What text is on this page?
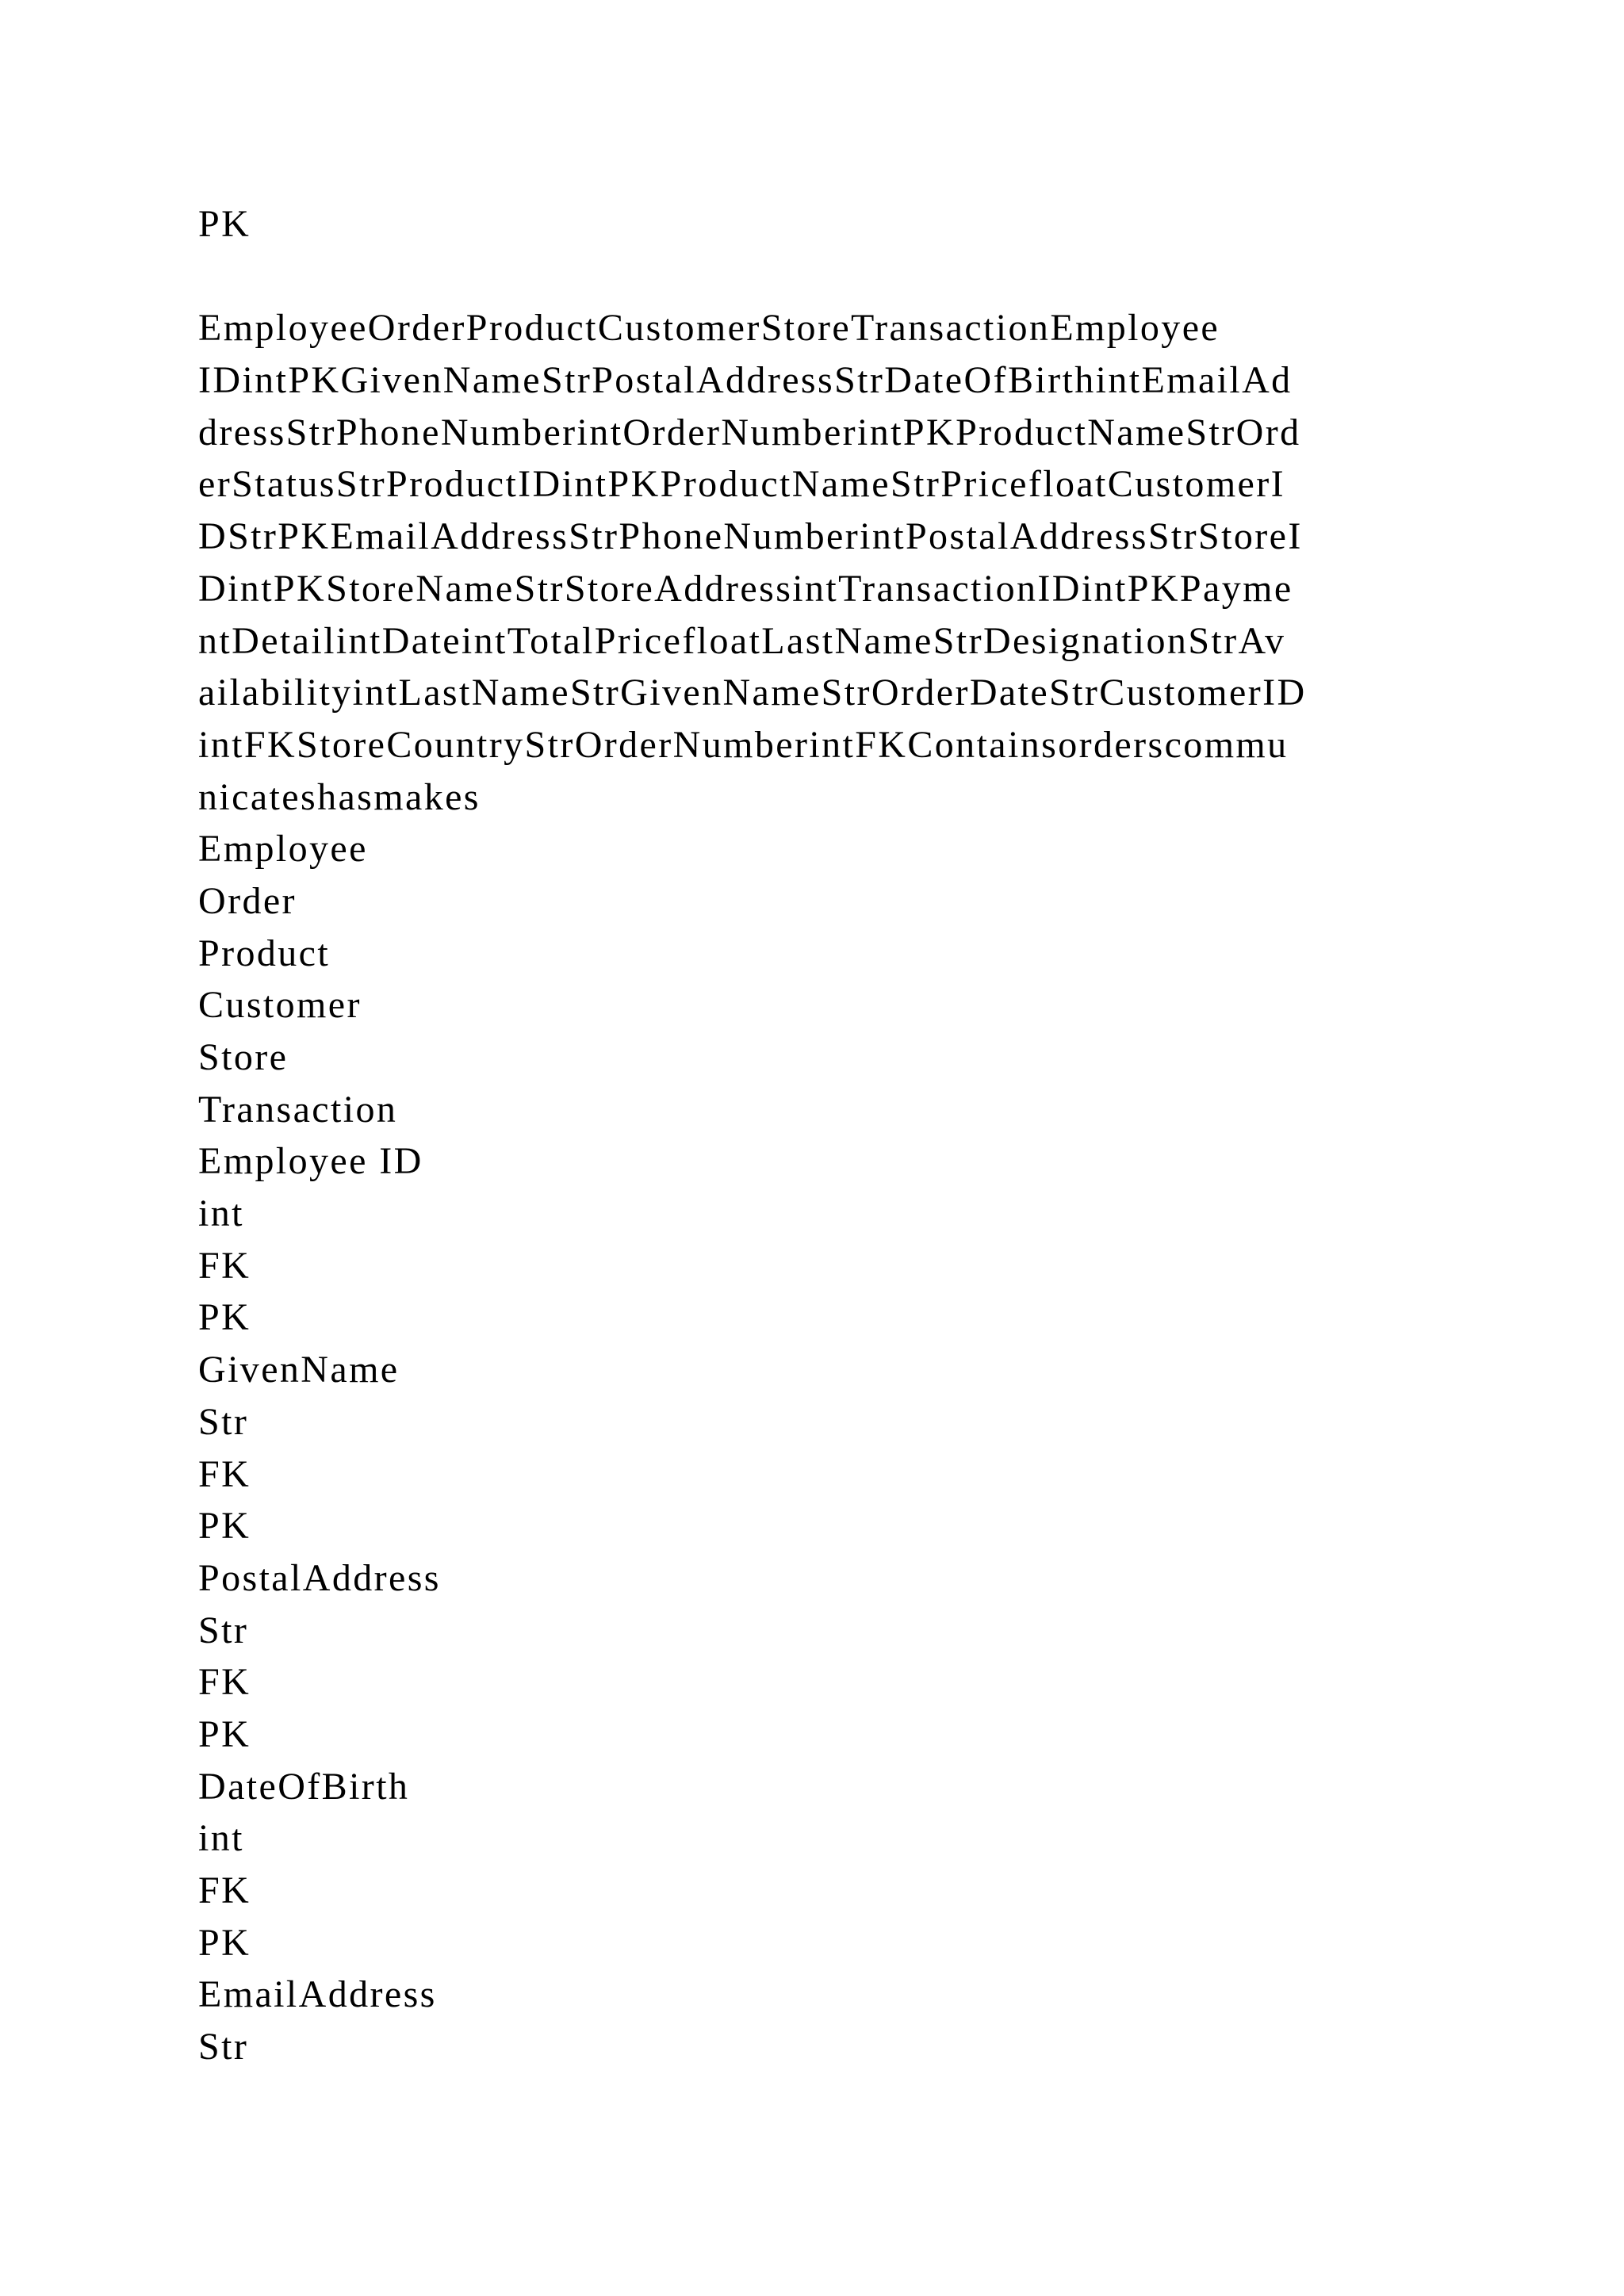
PK
EmployeeOrderProductCustomerStoreTransactionEmployee
IDintPKGivenNameStrPostalAddressStrDateOfBirthintEmailAd
dressStrPhoneNumberintOrderNumberintPKProductNameStrOrd
erStatusStrProductIDintPKProductNameStrPricefloatCustomerI
DStrPKEmailAddressStrPhoneNumberintPostalAddressStrStoreI
DintPKStoreNameStrStoreAddressintTransactionIDintPKPayme
ntDetailintDateintTotalPricefloatLastNameStrDesignationStrAv
ailabilityintLastNameStrGivenNameStrOrderDateStrCustomerID
intFKStoreCountryStrOrderNumberintFKContainsorderscommu
nicateshasmakes
Employee
Order
Product
Customer
Store
Transaction
Employee ID
int
FK
PK
GivenName
Str
FK
PK
PostalAddress
Str
FK
PK
DateOfBirth
int
FK
PK
EmailAddress
Str
